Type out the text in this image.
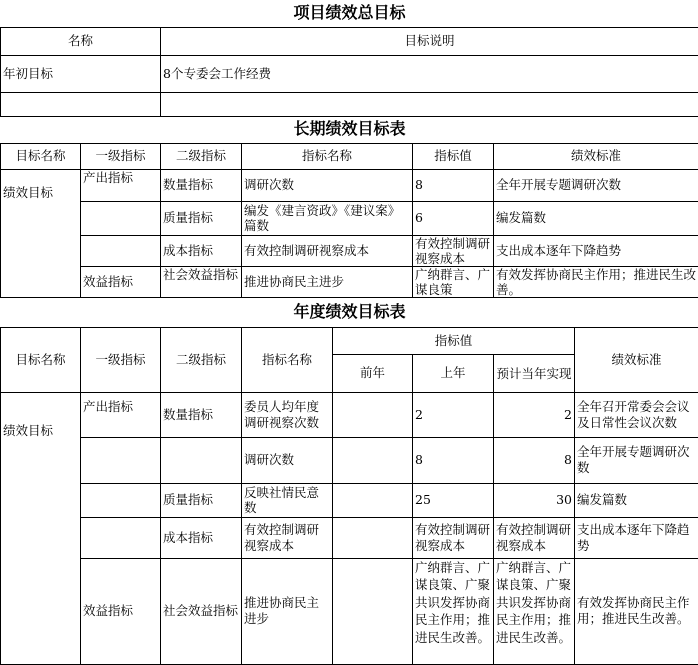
项目绩效总目标	
名称	目标说明
年初目标	8个专委会工作经费

长期绩效目标表					
目标名称	一级指标	二级指标	指标名称	指标值	绩效标准
绩效目标	产出指标	数量指标	调研次数	8	全年开展专题调研次数
		质量指标	编发《建言资政》《建议案》篇数	6	编发篇数
		成本指标	有效控制调研视察成本	有效控制调研视察成本	支出成本逐年下降趋势
	效益指标	社会效益指标	推进协商民主进步	广纳群言、广谋良策	有效发挥协商民主作用；推进民生改善。
年度绩效目标表							
目标名称	一级指标	二级指标	指标名称	指标值			绩效标准
				前年	上年	预计当年实现	
绩效目标	产出指标	数量指标	委员人均年度调研视察次数		2	2	全年召开常委会会议及日常性会议次数
			调研次数		8	8	全年开展专题调研次数
		质量指标	反映社情民意数		25	30	编发篇数
		成本指标	有效控制调研视察成本		有效控制调研视察成本	有效控制调研视察成本	支出成本逐年下降趋势
	效益指标	社会效益指标	推进协商民主进步		广纳群言、广谋良策、广聚共识发挥协商民主作用；推进民生改善。	广纳群言、广谋良策、广聚共识发挥协商民主作用；推进民生改善。	有效发挥协商民主作用；推进民生改善。
